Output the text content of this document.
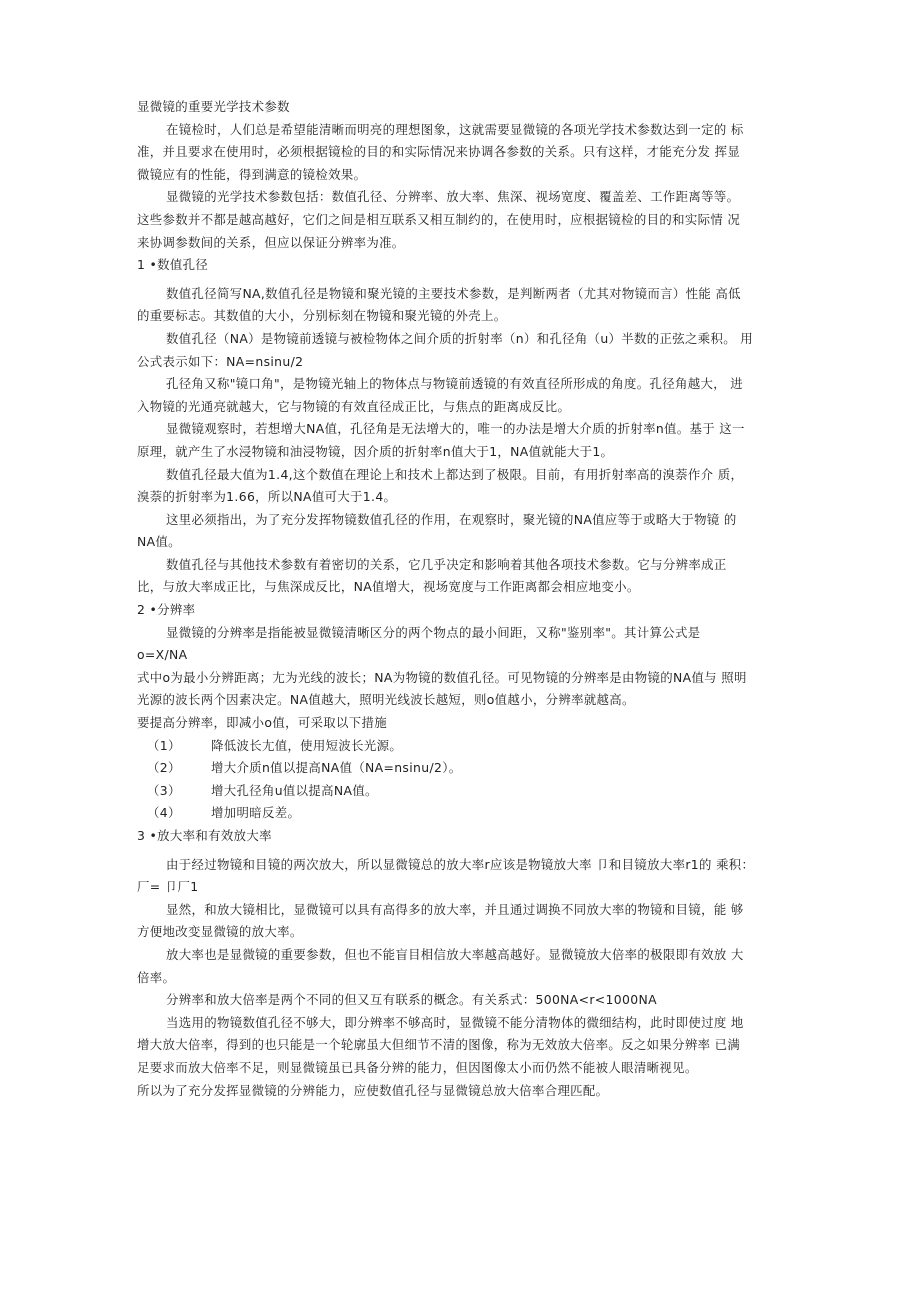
显微镜的重要光学技术参数
在镜检时，人们总是希望能清晰而明亮的理想图象，这就需要显微镜的各项光学技术参数达到一定的 标
准，并且要求在使用时，必须根据镜检的目的和实际情况来协调各参数的关系。只有这样，才能充分发 挥显
微镜应有的性能，得到满意的镜检效果。
显微镜的光学技术参数包括：数值孔径、分辨率、放大率、焦深、视场宽度、覆盖差、工作距离等等。
这些参数并不都是越高越好，它们之间是相互联系又相互制约的，在使用时，应根据镜检的目的和实际情 况
来协调参数间的关系，但应以保证分辨率为准。
1 •数值孔径
数值孔径简写NA,数值孔径是物镜和聚光镜的主要技术参数，是判断两者（尤其对物镜而言）性能 高低
的重要标志。其数值的大小，分别标刻在物镜和聚光镜的外壳上。
数值孔径（NA）是物镜前透镜与被检物体之间介质的折射率（n）和孔径角（u）半数的正弦之乘积。 用
公式表示如下：NA=nsinu/2
孔径角又称"镜口角"，是物镜光轴上的物体点与物镜前透镜的有效直径所形成的角度。孔径角越大， 进
入物镜的光通亮就越大，它与物镜的有效直径成正比，与焦点的距离成反比。
显微镜观察时，若想增大NA值，孔径角是无法增大的，唯一的办法是增大介质的折射率n值。基于 这一
原理，就产生了水浸物镜和油浸物镜，因介质的折射率n值大于1，NA值就能大于1。
数值孔径最大值为1.4,这个数值在理论上和技术上都达到了极限。目前，有用折射率高的溴萘作介 质，
溴萘的折射率为1.66，所以NA值可大于1.4。
这里必须指出，为了充分发挥物镜数值孔径的作用，在观察时，聚光镜的NA值应等于或略大于物镜 的
NA值。
数值孔径与其他技术参数有着密切的关系，它几乎决定和影响着其他各项技术参数。它与分辨率成正
比，与放大率成正比，与焦深成反比，NA值增大，视场宽度与工作距离都会相应地变小。
2 •分辨率
显微镜的分辨率是指能被显微镜清晰区分的两个物点的最小间距，又称"鉴别率"。其计算公式是
o=X/NA
式中o为最小分辨距离；尢为光线的波长；NA为物镜的数值孔径。可见物镜的分辨率是由物镜的NA值与 照明
光源的波长两个因素决定。NA值越大，照明光线波长越短，则o值越小，分辨率就越高。
要提高分辨率，即减小o值，可采取以下措施
（1） 降低波长尢值，使用短波长光源。
（2） 增大介质n值以提高NA值（NA=nsinu/2）。
（3） 增大孔径角u值以提高NA值。
（4） 增加明暗反差。
3 •放大率和有效放大率
由于经过物镜和目镜的两次放大，所以显微镜总的放大率r应该是物镜放大率 卩和目镜放大率r1的 乘积：
厂= 卩厂1
显然，和放大镜相比，显微镜可以具有高得多的放大率，并且通过调换不同放大率的物镜和目镜，能 够
方便地改变显微镜的放大率。
放大率也是显微镜的重要参数，但也不能盲目相信放大率越高越好。显微镜放大倍率的极限即有效放 大
倍率。
分辨率和放大倍率是两个不同的但又互有联系的概念。有关系式：500NA<r<1000NA
当选用的物镜数值孔径不够大，即分辨率不够高时，显微镜不能分清物体的微细结构，此时即使过度 地
增大放大倍率，得到的也只能是一个轮廓虽大但细节不清的图像，称为无效放大倍率。反之如果分辨率 已满
足要求而放大倍率不足，则显微镜虽已具备分辨的能力，但因图像太小而仍然不能被人眼清晰视见。
所以为了充分发挥显微镜的分辨能力，应使数值孔径与显微镜总放大倍率合理匹配。
